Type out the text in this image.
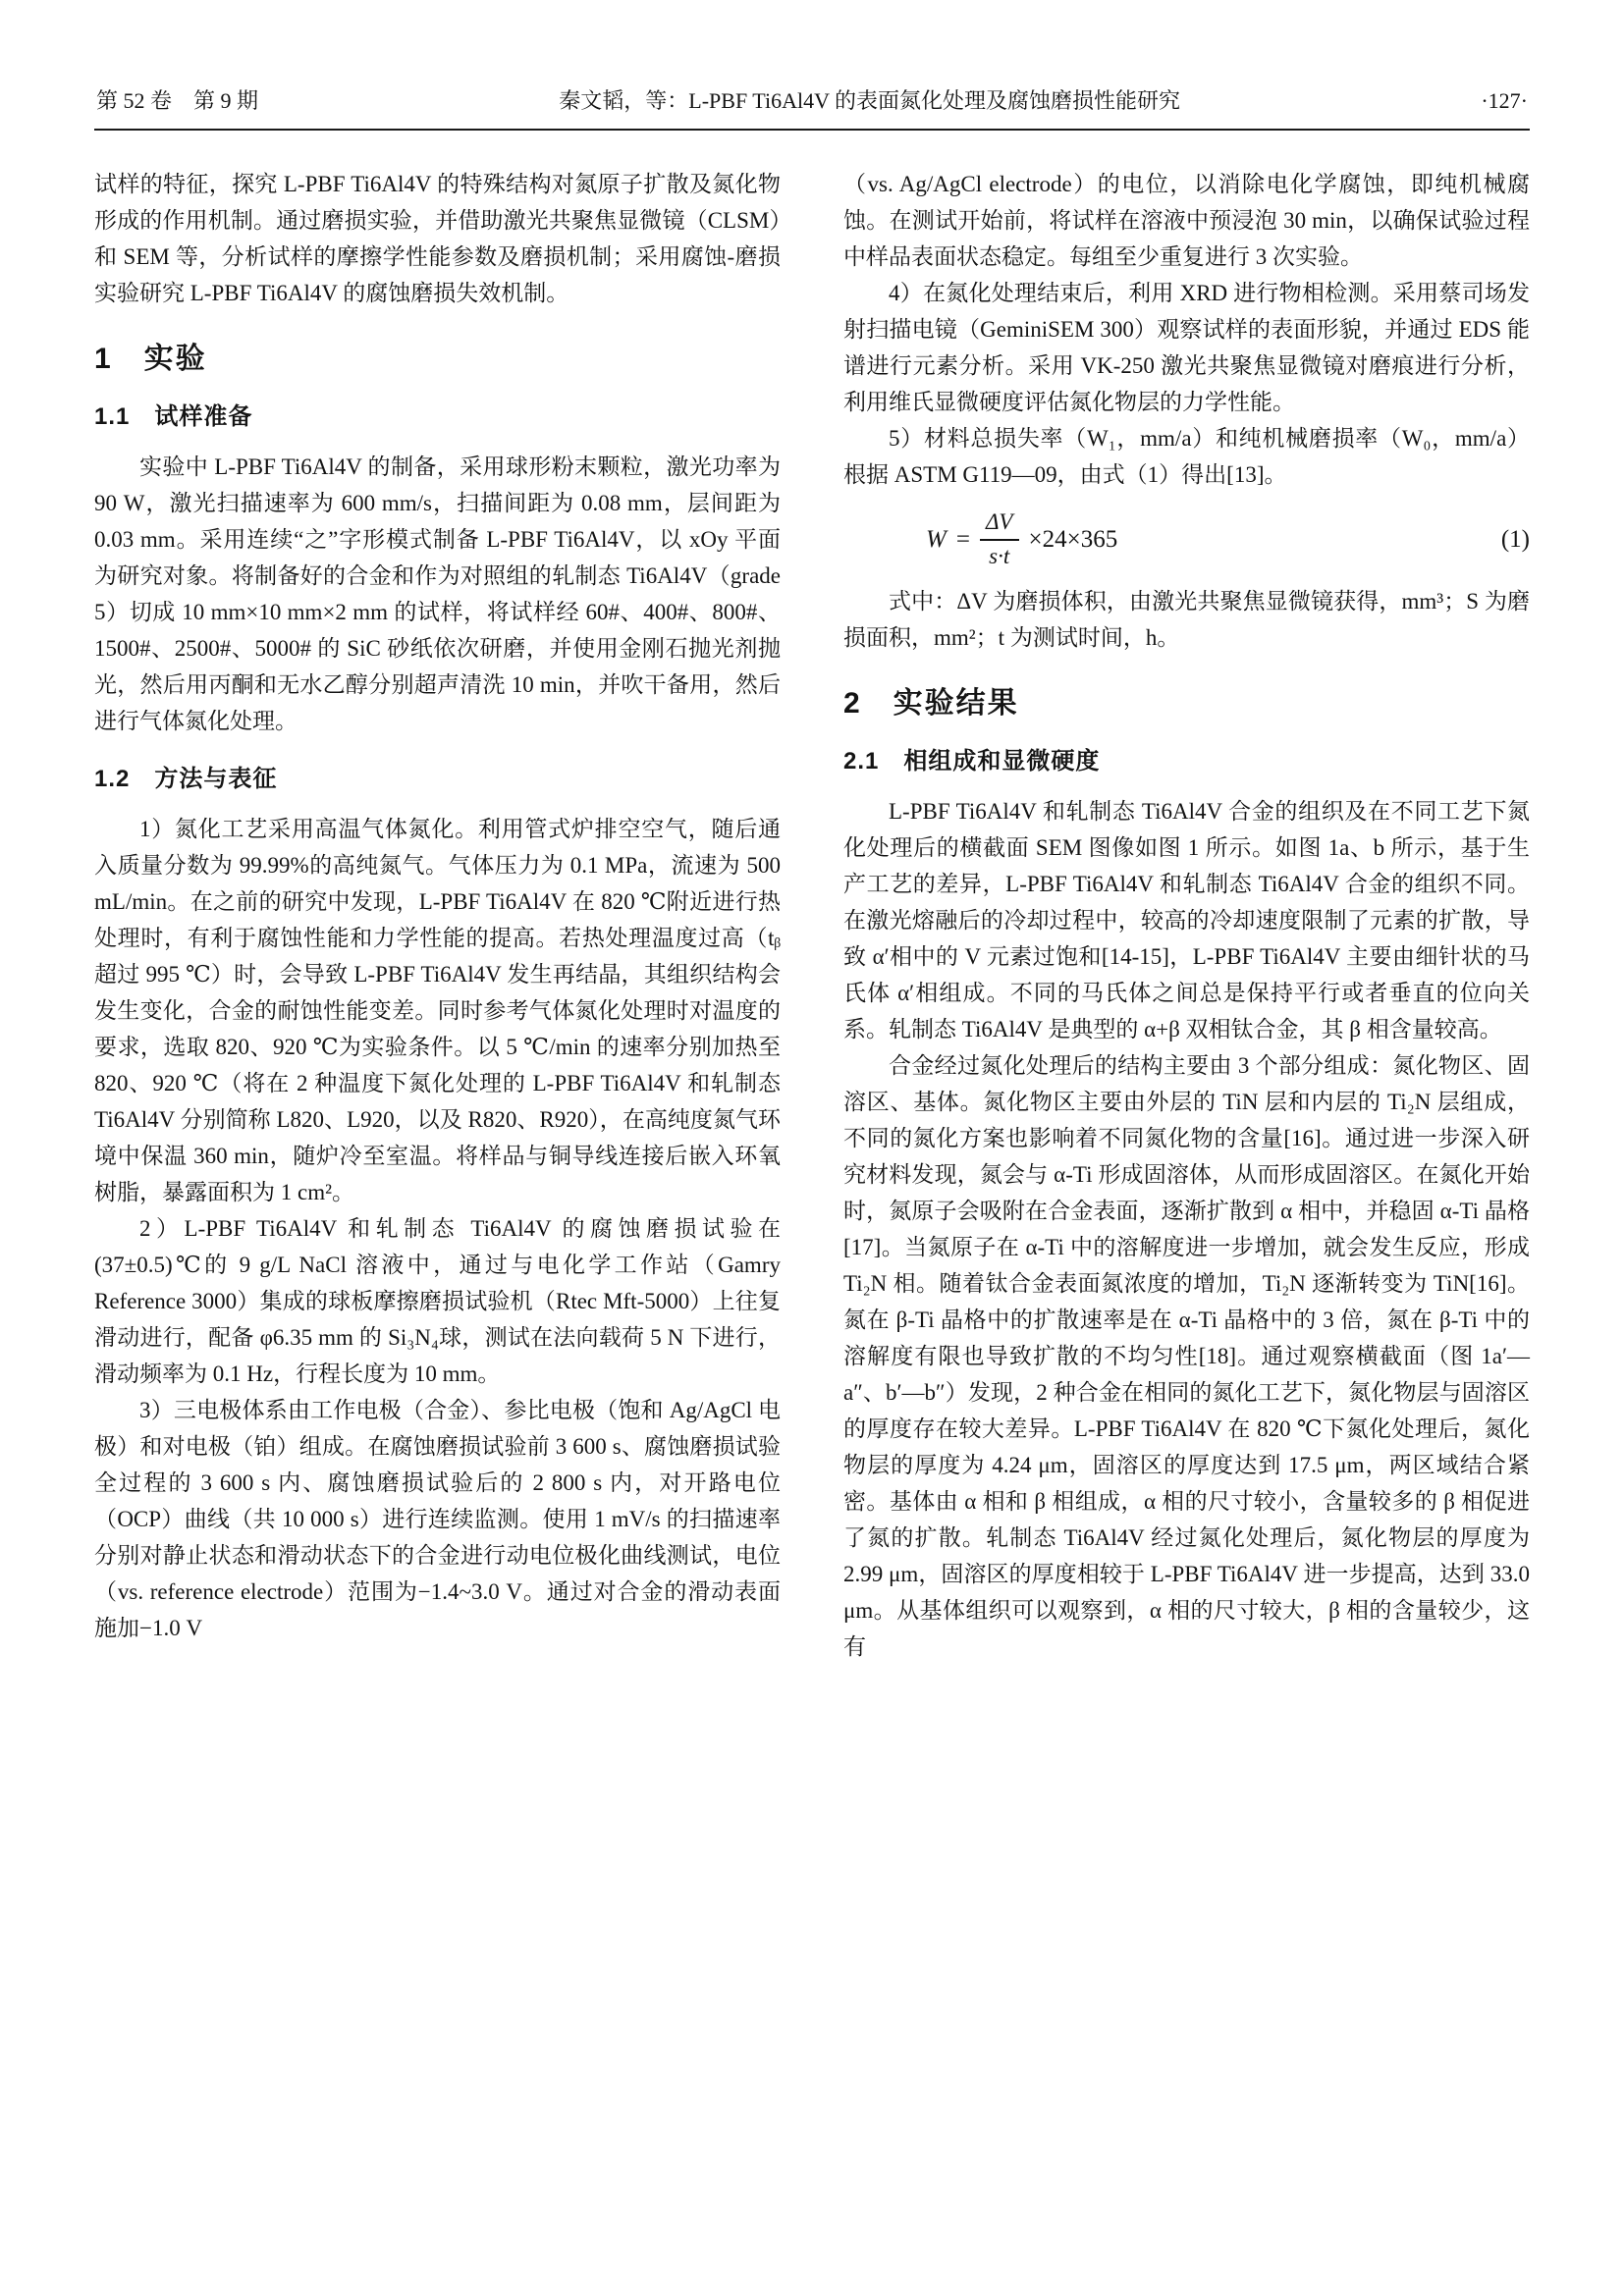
第 52 卷　第 9 期	秦文韬，等：L-PBF Ti6Al4V 的表面氮化处理及腐蚀磨损性能研究	·127·

试样的特征，探究 L-PBF Ti6Al4V 的特殊结构对氮原子扩散及氮化物形成的作用机制。通过磨损实验，并借助激光共聚焦显微镜（CLSM）和 SEM 等，分析试样的摩擦学性能参数及磨损机制；采用腐蚀-磨损实验研究 L-PBF Ti6Al4V 的腐蚀磨损失效机制。

1　实验
1.1　试样准备

实验中 L-PBF Ti6Al4V 的制备，采用球形粉末颗粒，激光功率为 90 W，激光扫描速率为 600 mm/s，扫描间距为 0.08 mm，层间距为 0.03 mm。采用连续“之”字形模式制备 L-PBF Ti6Al4V，以 xOy 平面为研究对象。将制备好的合金和作为对照组的轧制态 Ti6Al4V（grade 5）切成 10 mm×10 mm×2 mm 的试样，将试样经 60#、400#、800#、1500#、2500#、5000# 的 SiC 砂纸依次研磨，并使用金刚石抛光剂抛光，然后用丙酮和无水乙醇分别超声清洗 10 min，并吹干备用，然后进行气体氮化处理。

1.2　方法与表征

1）氮化工艺采用高温气体氮化。利用管式炉排空空气，随后通入质量分数为 99.99%的高纯氮气。气体压力为 0.1 MPa，流速为 500 mL/min。在之前的研究中发现，L-PBF Ti6Al4V 在 820 ℃附近进行热处理时，有利于腐蚀性能和力学性能的提高。若热处理温度过高（tᵦ 超过 995 ℃）时，会导致 L-PBF Ti6Al4V 发生再结晶，其组织结构会发生变化，合金的耐蚀性能变差。同时参考气体氮化处理时对温度的要求，选取 820、920 ℃为实验条件。以 5 ℃/min 的速率分别加热至 820、920 ℃（将在 2 种温度下氮化处理的 L-PBF Ti6Al4V 和轧制态 Ti6Al4V 分别简称 L820、L920，以及 R820、R920），在高纯度氮气环境中保温 360 min，随炉冷至室温。将样品与铜导线连接后嵌入环氧树脂，暴露面积为 1 cm²。

2）L-PBF Ti6Al4V 和轧制态 Ti6Al4V 的腐蚀磨损试验在(37±0.5)℃的 9 g/L NaCl 溶液中，通过与电化学工作站（Gamry Reference 3000）集成的球板摩擦磨损试验机（Rtec Mft-5000）上往复滑动进行，配备 φ6.35 mm 的 Si₃N₄球，测试在法向载荷 5 N 下进行，滑动频率为 0.1 Hz，行程长度为 10 mm。

3）三电极体系由工作电极（合金）、参比电极（饱和 Ag/AgCl 电极）和对电极（铂）组成。在腐蚀磨损试验前 3 600 s、腐蚀磨损试验全过程的 3 600 s 内、腐蚀磨损试验后的 2 800 s 内，对开路电位（OCP）曲线（共 10 000 s）进行连续监测。使用 1 mV/s 的扫描速率分别对静止状态和滑动状态下的合金进行动电位极化曲线测试，电位（vs. reference electrode）范围为−1.4~3.0 V。通过对合金的滑动表面施加−1.0 V

（vs. Ag/AgCl electrode）的电位，以消除电化学腐蚀，即纯机械腐蚀。在测试开始前，将试样在溶液中预浸泡 30 min，以确保试验过程中样品表面状态稳定。每组至少重复进行 3 次实验。

4）在氮化处理结束后，利用 XRD 进行物相检测。采用蔡司场发射扫描电镜（GeminiSEM 300）观察试样的表面形貌，并通过 EDS 能谱进行元素分析。采用 VK-250 激光共聚焦显微镜对磨痕进行分析，利用维氏显微硬度评估氮化物层的力学性能。

5）材料总损失率（W₁，mm/a）和纯机械磨损率（W₀，mm/a）根据 ASTM G119—09，由式（1）得出[13]。

$W = \frac{\Delta V}{s\cdot t} \times 24\times 365$	(1)

式中：ΔV 为磨损体积，由激光共聚焦显微镜获得，mm³；S 为磨损面积，mm²；t 为测试时间，h。

2　实验结果
2.1　相组成和显微硬度

L-PBF Ti6Al4V 和轧制态 Ti6Al4V 合金的组织及在不同工艺下氮化处理后的横截面 SEM 图像如图 1 所示。如图 1a、b 所示，基于生产工艺的差异，L-PBF Ti6Al4V 和轧制态 Ti6Al4V 合金的组织不同。在激光熔融后的冷却过程中，较高的冷却速度限制了元素的扩散，导致 α′相中的 V 元素过饱和[14-15]，L-PBF Ti6Al4V 主要由细针状的马氏体 α′相组成。不同的马氏体之间总是保持平行或者垂直的位向关系。轧制态 Ti6Al4V 是典型的 α+β 双相钛合金，其 β 相含量较高。

合金经过氮化处理后的结构主要由 3 个部分组成：氮化物区、固溶区、基体。氮化物区主要由外层的 TiN 层和内层的 Ti₂N 层组成，不同的氮化方案也影响着不同氮化物的含量[16]。通过进一步深入研究材料发现，氮会与 α-Ti 形成固溶体，从而形成固溶区。在氮化开始时，氮原子会吸附在合金表面，逐渐扩散到 α 相中，并稳固 α-Ti 晶格[17]。当氮原子在 α-Ti 中的溶解度进一步增加，就会发生反应，形成 Ti₂N 相。随着钛合金表面氮浓度的增加，Ti₂N 逐渐转变为 TiN[16]。氮在 β-Ti 晶格中的扩散速率是在 α-Ti 晶格中的 3 倍，氮在 β-Ti 中的溶解度有限也导致扩散的不均匀性[18]。通过观察横截面（图 1a′—a″、b′—b″）发现，2 种合金在相同的氮化工艺下，氮化物层与固溶区的厚度存在较大差异。L-PBF Ti6Al4V 在 820 ℃下氮化处理后，氮化物层的厚度为 4.24 μm，固溶区的厚度达到 17.5 μm，两区域结合紧密。基体由 α 相和 β 相组成，α 相的尺寸较小，含量较多的 β 相促进了氮的扩散。轧制态 Ti6Al4V 经过氮化处理后，氮化物层的厚度为 2.99 μm，固溶区的厚度相较于 L-PBF Ti6Al4V 进一步提高，达到 33.0 μm。从基体组织可以观察到，α 相的尺寸较大，β 相的含量较少，这有
